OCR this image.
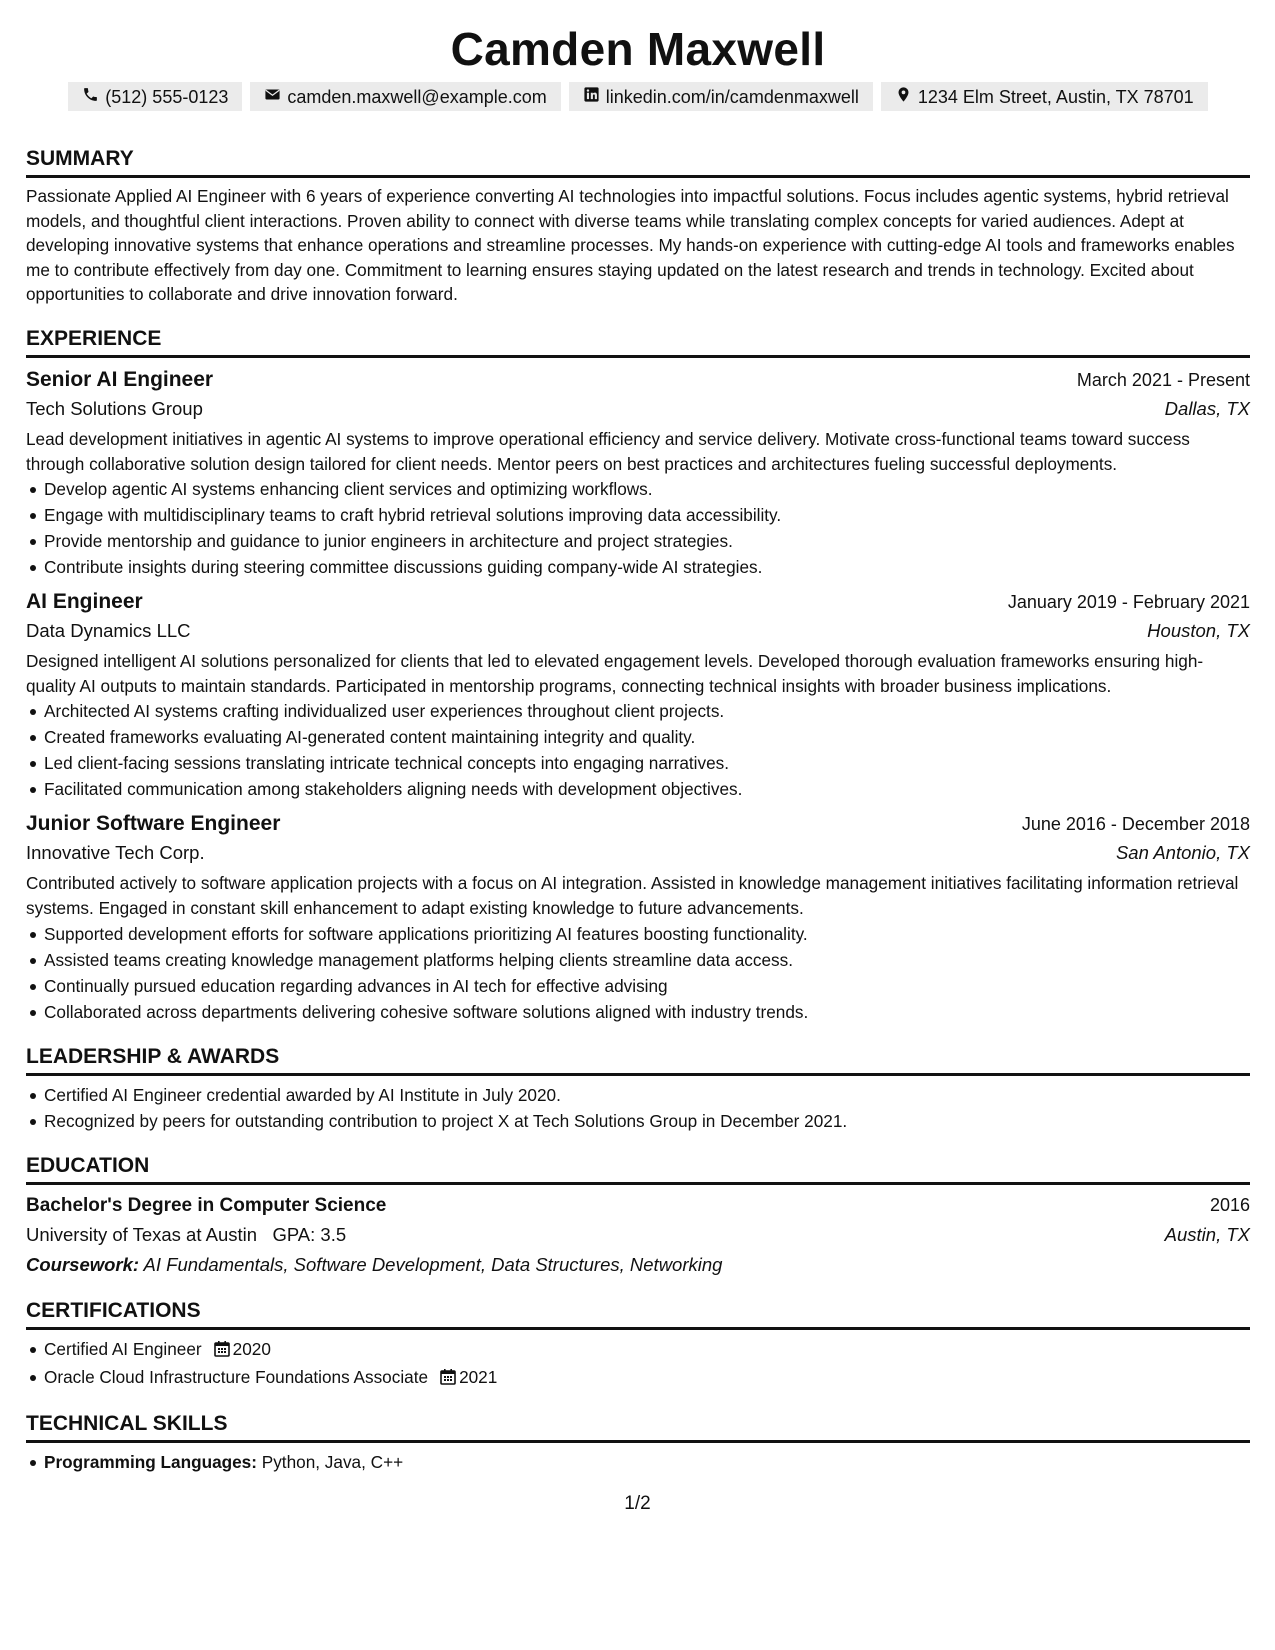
Camden Maxwell
(512) 555-0123	camden.maxwell@example.com	linkedin.com/in/camdenmaxwell	1234 Elm Street, Austin, TX 78701
SUMMARY

Passionate Applied AI Engineer with 6 years of experience converting AI technologies into impactful solutions. Focus includes agentic systems, hybrid retrieval models, and thoughtful client interactions. Proven ability to connect with diverse teams while translating complex concepts for varied audiences. Adept at developing innovative systems that enhance operations and streamline processes. My hands-on experience with cutting-edge AI tools and frameworks enables me to contribute effectively from day one. Commitment to learning ensures staying updated on the latest research and trends in technology. Excited about opportunities to collaborate and drive innovation forward.

EXPERIENCE
Senior AI Engineer	March 2021 - Present
Tech Solutions Group	Dallas, TX

Lead development initiatives in agentic AI systems to improve operational efficiency and service delivery. Motivate cross-functional teams toward success through collaborative solution design tailored for client needs. Mentor peers on best practices and architectures fueling successful deployments.

Develop agentic AI systems enhancing client services and optimizing workflows.
Engage with multidisciplinary teams to craft hybrid retrieval solutions improving data accessibility.
Provide mentorship and guidance to junior engineers in architecture and project strategies.
Contribute insights during steering committee discussions guiding company-wide AI strategies.
AI Engineer	January 2019 - February 2021
Data Dynamics LLC	Houston, TX

Designed intelligent AI solutions personalized for clients that led to elevated engagement levels. Developed thorough evaluation frameworks ensuring high-quality AI outputs to maintain standards. Participated in mentorship programs, connecting technical insights with broader business implications.

Architected AI systems crafting individualized user experiences throughout client projects.
Created frameworks evaluating AI-generated content maintaining integrity and quality.
Led client-facing sessions translating intricate technical concepts into engaging narratives.
Facilitated communication among stakeholders aligning needs with development objectives.
Junior Software Engineer	June 2016 - December 2018
Innovative Tech Corp.	San Antonio, TX

Contributed actively to software application projects with a focus on AI integration. Assisted in knowledge management initiatives facilitating information retrieval systems. Engaged in constant skill enhancement to adapt existing knowledge to future advancements.

Supported development efforts for software applications prioritizing AI features boosting functionality.
Assisted teams creating knowledge management platforms helping clients streamline data access.
Continually pursued education regarding advances in AI tech for effective advising
Collaborated across departments delivering cohesive software solutions aligned with industry trends.
LEADERSHIP & AWARDS
Certified AI Engineer credential awarded by AI Institute in July 2020.
Recognized by peers for outstanding contribution to project X at Tech Solutions Group in December 2021.
EDUCATION
Bachelor's Degree in Computer Science	2016
University of Texas at Austin GPA: 3.5	Austin, TX
Coursework: AI Fundamentals, Software Development, Data Structures, Networking
CERTIFICATIONS
Certified AI Engineer 2020
Oracle Cloud Infrastructure Foundations Associate 2021
TECHNICAL SKILLS
Programming Languages: Python, Java, C++
1/2
